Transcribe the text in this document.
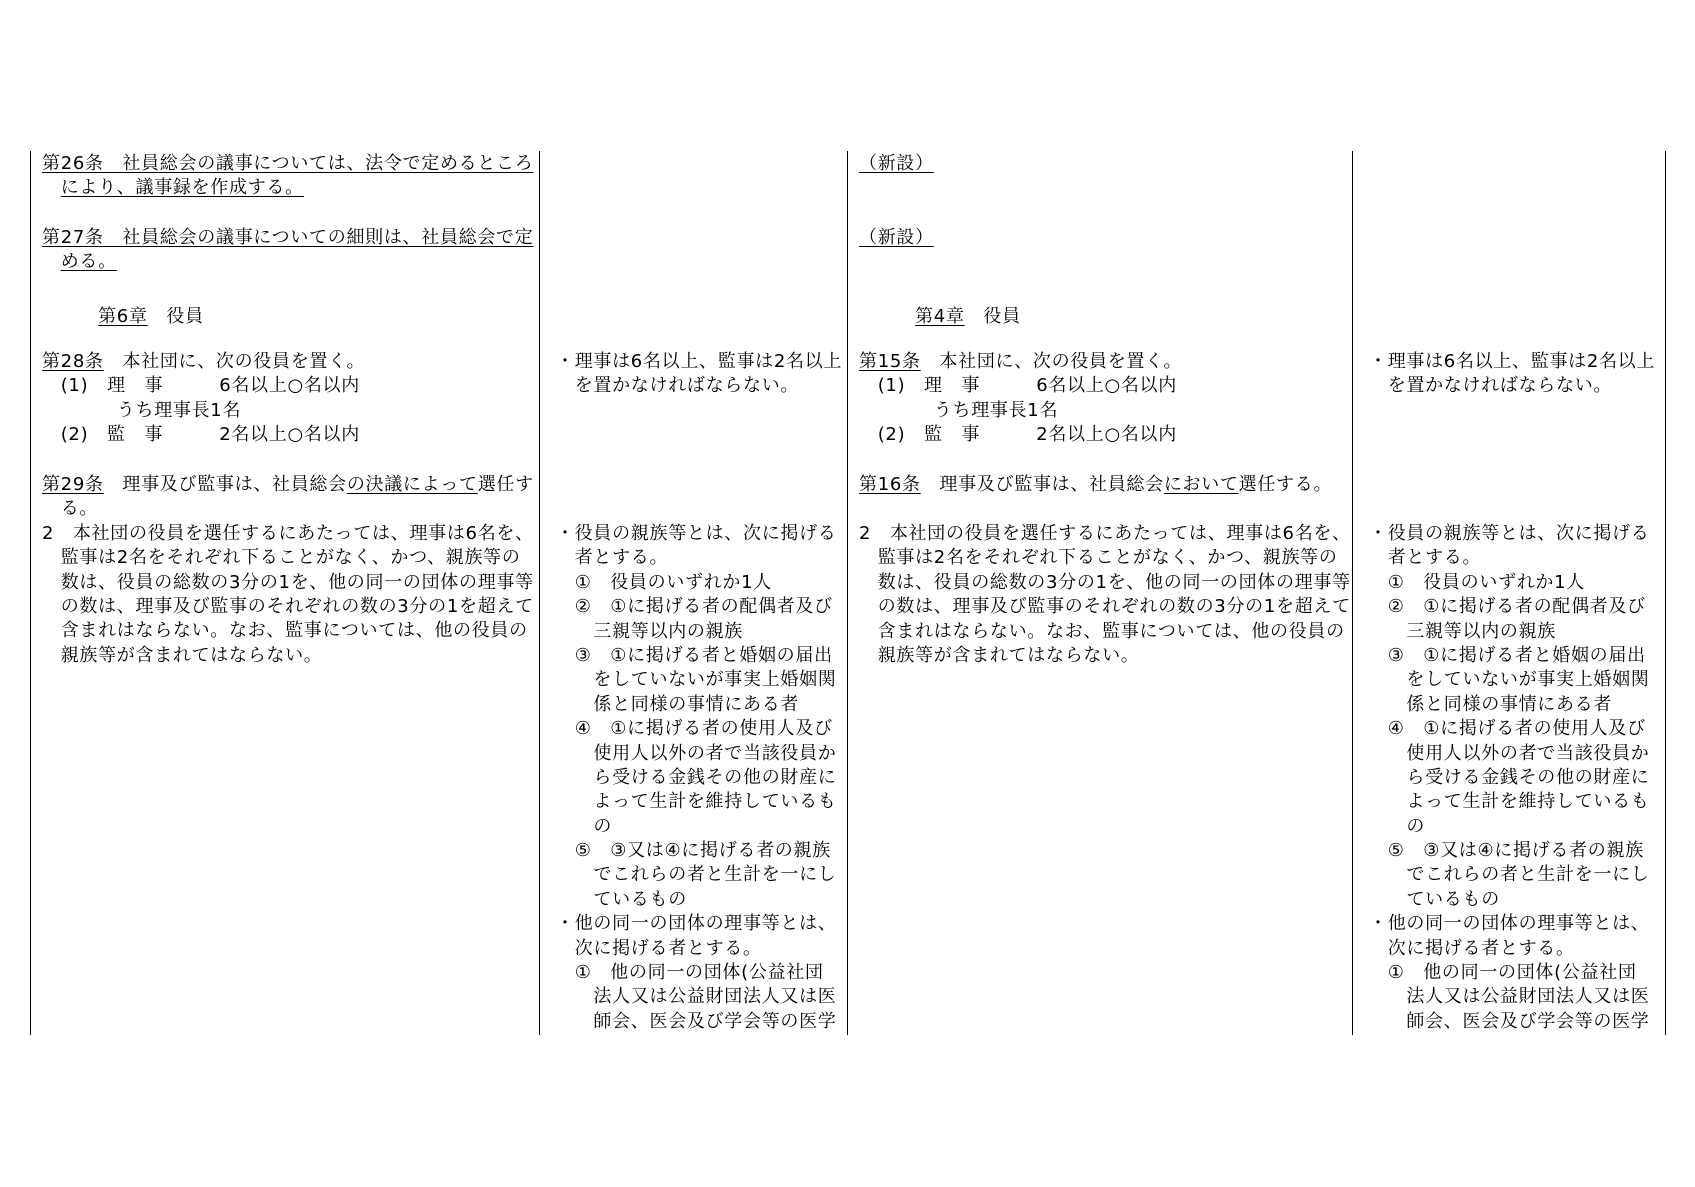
第26条　社員総会の議事については、法令で定めるところ
　により、議事録を作成する。
第27条　社員総会の議事についての細則は、社員総会で定
　める。
　　　第6章　役員
第28条　本社団に、次の役員を置く。
　(1)　理　事　　　6名以上○名以内
　　　　うち理事長1名
　(2)　監　事　　　2名以上○名以内
第29条　理事及び監事は、社員総会の決議によって選任す
　る。
2　本社団の役員を選任するにあたっては、理事は6名を、
　監事は2名をそれぞれ下ることがなく、かつ、親族等の
　数は、役員の総数の3分の1を、他の同一の団体の理事等
　の数は、理事及び監事のそれぞれの数の3分の1を超えて
　含まれはならない。なお、監事については、他の役員の
　親族等が含まれてはならない。
・理事は6名以上、監事は2名以上
　を置かなければならない。
・役員の親族等とは、次に掲げる
　者とする。
　①　役員のいずれか1人
　②　①に掲げる者の配偶者及び
　　三親等以内の親族
　③　①に掲げる者と婚姻の届出
　　をしていないが事実上婚姻関
　　係と同様の事情にある者
　④　①に掲げる者の使用人及び
　　使用人以外の者で当該役員か
　　ら受ける金銭その他の財産に
　　よって生計を維持しているも
　　の
　⑤　③又は④に掲げる者の親族
　　でこれらの者と生計を一にし
　　ているもの
・他の同一の団体の理事等とは、
　次に掲げる者とする。
　①　他の同一の団体(公益社団
　　法人又は公益財団法人又は医
　　師会、医会及び学会等の医学
（新設）
（新設）
　　　第4章　役員
第15条　本社団に、次の役員を置く。
　(1)　理　事　　　6名以上○名以内
　　　　うち理事長1名
　(2)　監　事　　　2名以上○名以内
第16条　理事及び監事は、社員総会において選任する。
2　本社団の役員を選任するにあたっては、理事は6名を、
　監事は2名をそれぞれ下ることがなく、かつ、親族等の
　数は、役員の総数の3分の1を、他の同一の団体の理事等
　の数は、理事及び監事のそれぞれの数の3分の1を超えて
　含まれはならない。なお、監事については、他の役員の
　親族等が含まれてはならない。
・理事は6名以上、監事は2名以上
　を置かなければならない。
・役員の親族等とは、次に掲げる
　者とする。
　①　役員のいずれか1人
　②　①に掲げる者の配偶者及び
　　三親等以内の親族
　③　①に掲げる者と婚姻の届出
　　をしていないが事実上婚姻関
　　係と同様の事情にある者
　④　①に掲げる者の使用人及び
　　使用人以外の者で当該役員か
　　ら受ける金銭その他の財産に
　　よって生計を維持しているも
　　の
　⑤　③又は④に掲げる者の親族
　　でこれらの者と生計を一にし
　　ているもの
・他の同一の団体の理事等とは、
　次に掲げる者とする。
　①　他の同一の団体(公益社団
　　法人又は公益財団法人又は医
　　師会、医会及び学会等の医学
